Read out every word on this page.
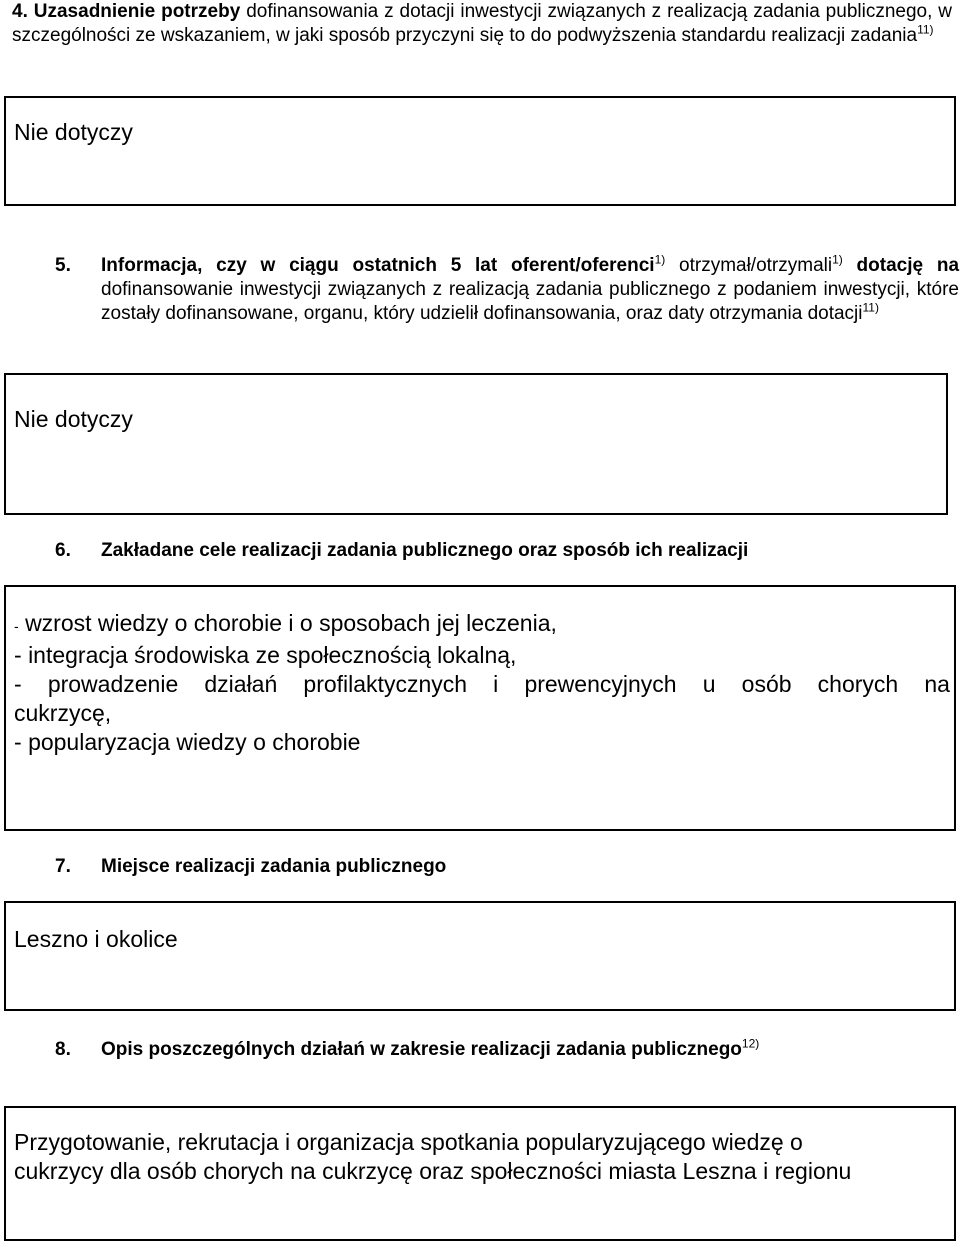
4. Uzasadnienie potrzeby dofinansowania z dotacji inwestycji związanych z realizacją zadania publicznego, w szczególności ze wskazaniem, w jaki sposób przyczyni się to do podwyższenia standardu realizacji zadania$^{11)}$
Nie dotyczy
5. Informacja, czy w ciągu ostatnich 5 lat oferent/oferenci$^{1)}$ otrzymał/otrzymali$^{1)}$ dotację na dofinansowanie inwestycji związanych z realizacją zadania publicznego z podaniem inwestycji, które zostały dofinansowane, organu, który udzielił dofinansowania, oraz daty otrzymania dotacji$^{11)}$
Nie dotyczy
6. Zakładane cele realizacji zadania publicznego oraz sposób ich realizacji
- wzrost wiedzy o chorobie i o sposobach jej leczenia,
- integracja środowiska ze społecznością lokalną,
- prowadzenie działań profilaktycznych i prewencyjnych u osób chorych na
cukrzycę,
- popularyzacja wiedzy o chorobie
7. Miejsce realizacji zadania publicznego
Leszno i okolice
8. Opis poszczególnych działań w zakresie realizacji zadania publicznego$^{12)}$
Przygotowanie, rekrutacja i organizacja spotkania popularyzującego wiedzę o
cukrzycy dla osób chorych na cukrzycę oraz społeczności miasta Leszna i regionu
